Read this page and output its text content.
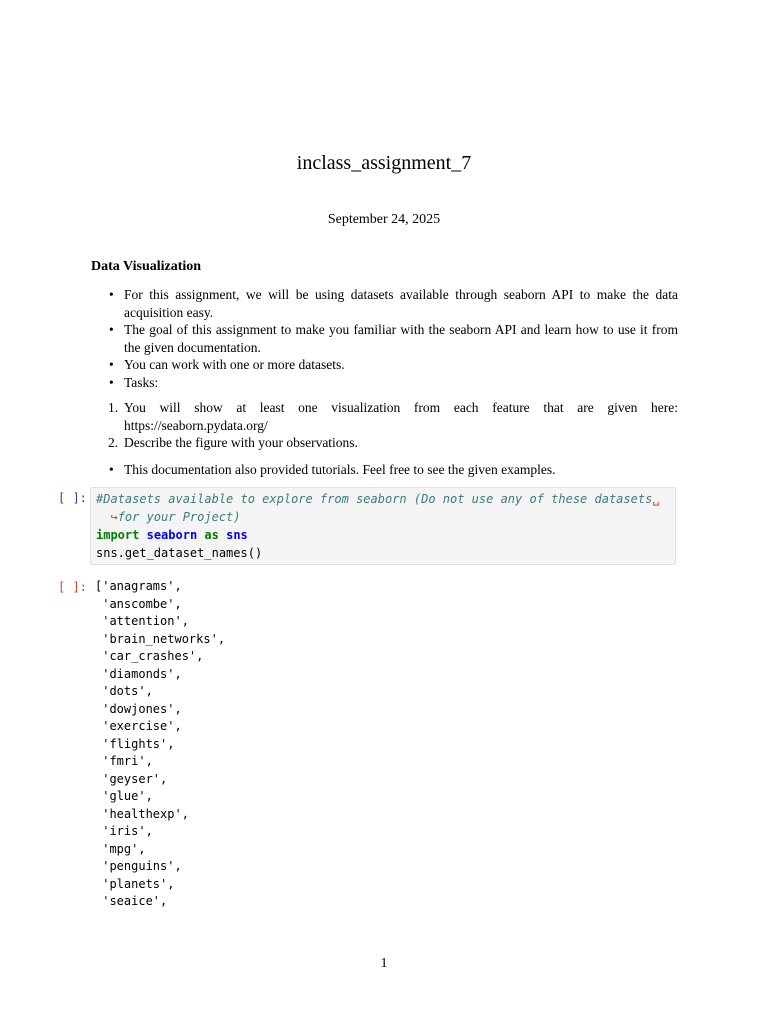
inclass_assignment_7
September 24, 2025
Data Visualization
• For this assignment, we will be using datasets available through seaborn API to make the data acquisition easy.
• The goal of this assignment to make you familiar with the seaborn API and learn how to use it from the given documentation.
• You can work with one or more datasets.
• Tasks:
1. You will show at least one visualization from each feature that are given here: https://seaborn.pydata.org/
2. Describe the figure with your observations.
• This documentation also provided tutorials. Feel free to see the given examples.
[ ]: #Datasets available to explore from seaborn (Do not use any of these datasets␣
↪for your Project)
import seaborn as sns
sns.get_dataset_names()
[ ]: ['anagrams',
'anscombe',
'attention',
'brain_networks',
'car_crashes',
'diamonds',
'dots',
'dowjones',
'exercise',
'flights',
'fmri',
'geyser',
'glue',
'healthexp',
'iris',
'mpg',
'penguins',
'planets',
'seaice',
1
